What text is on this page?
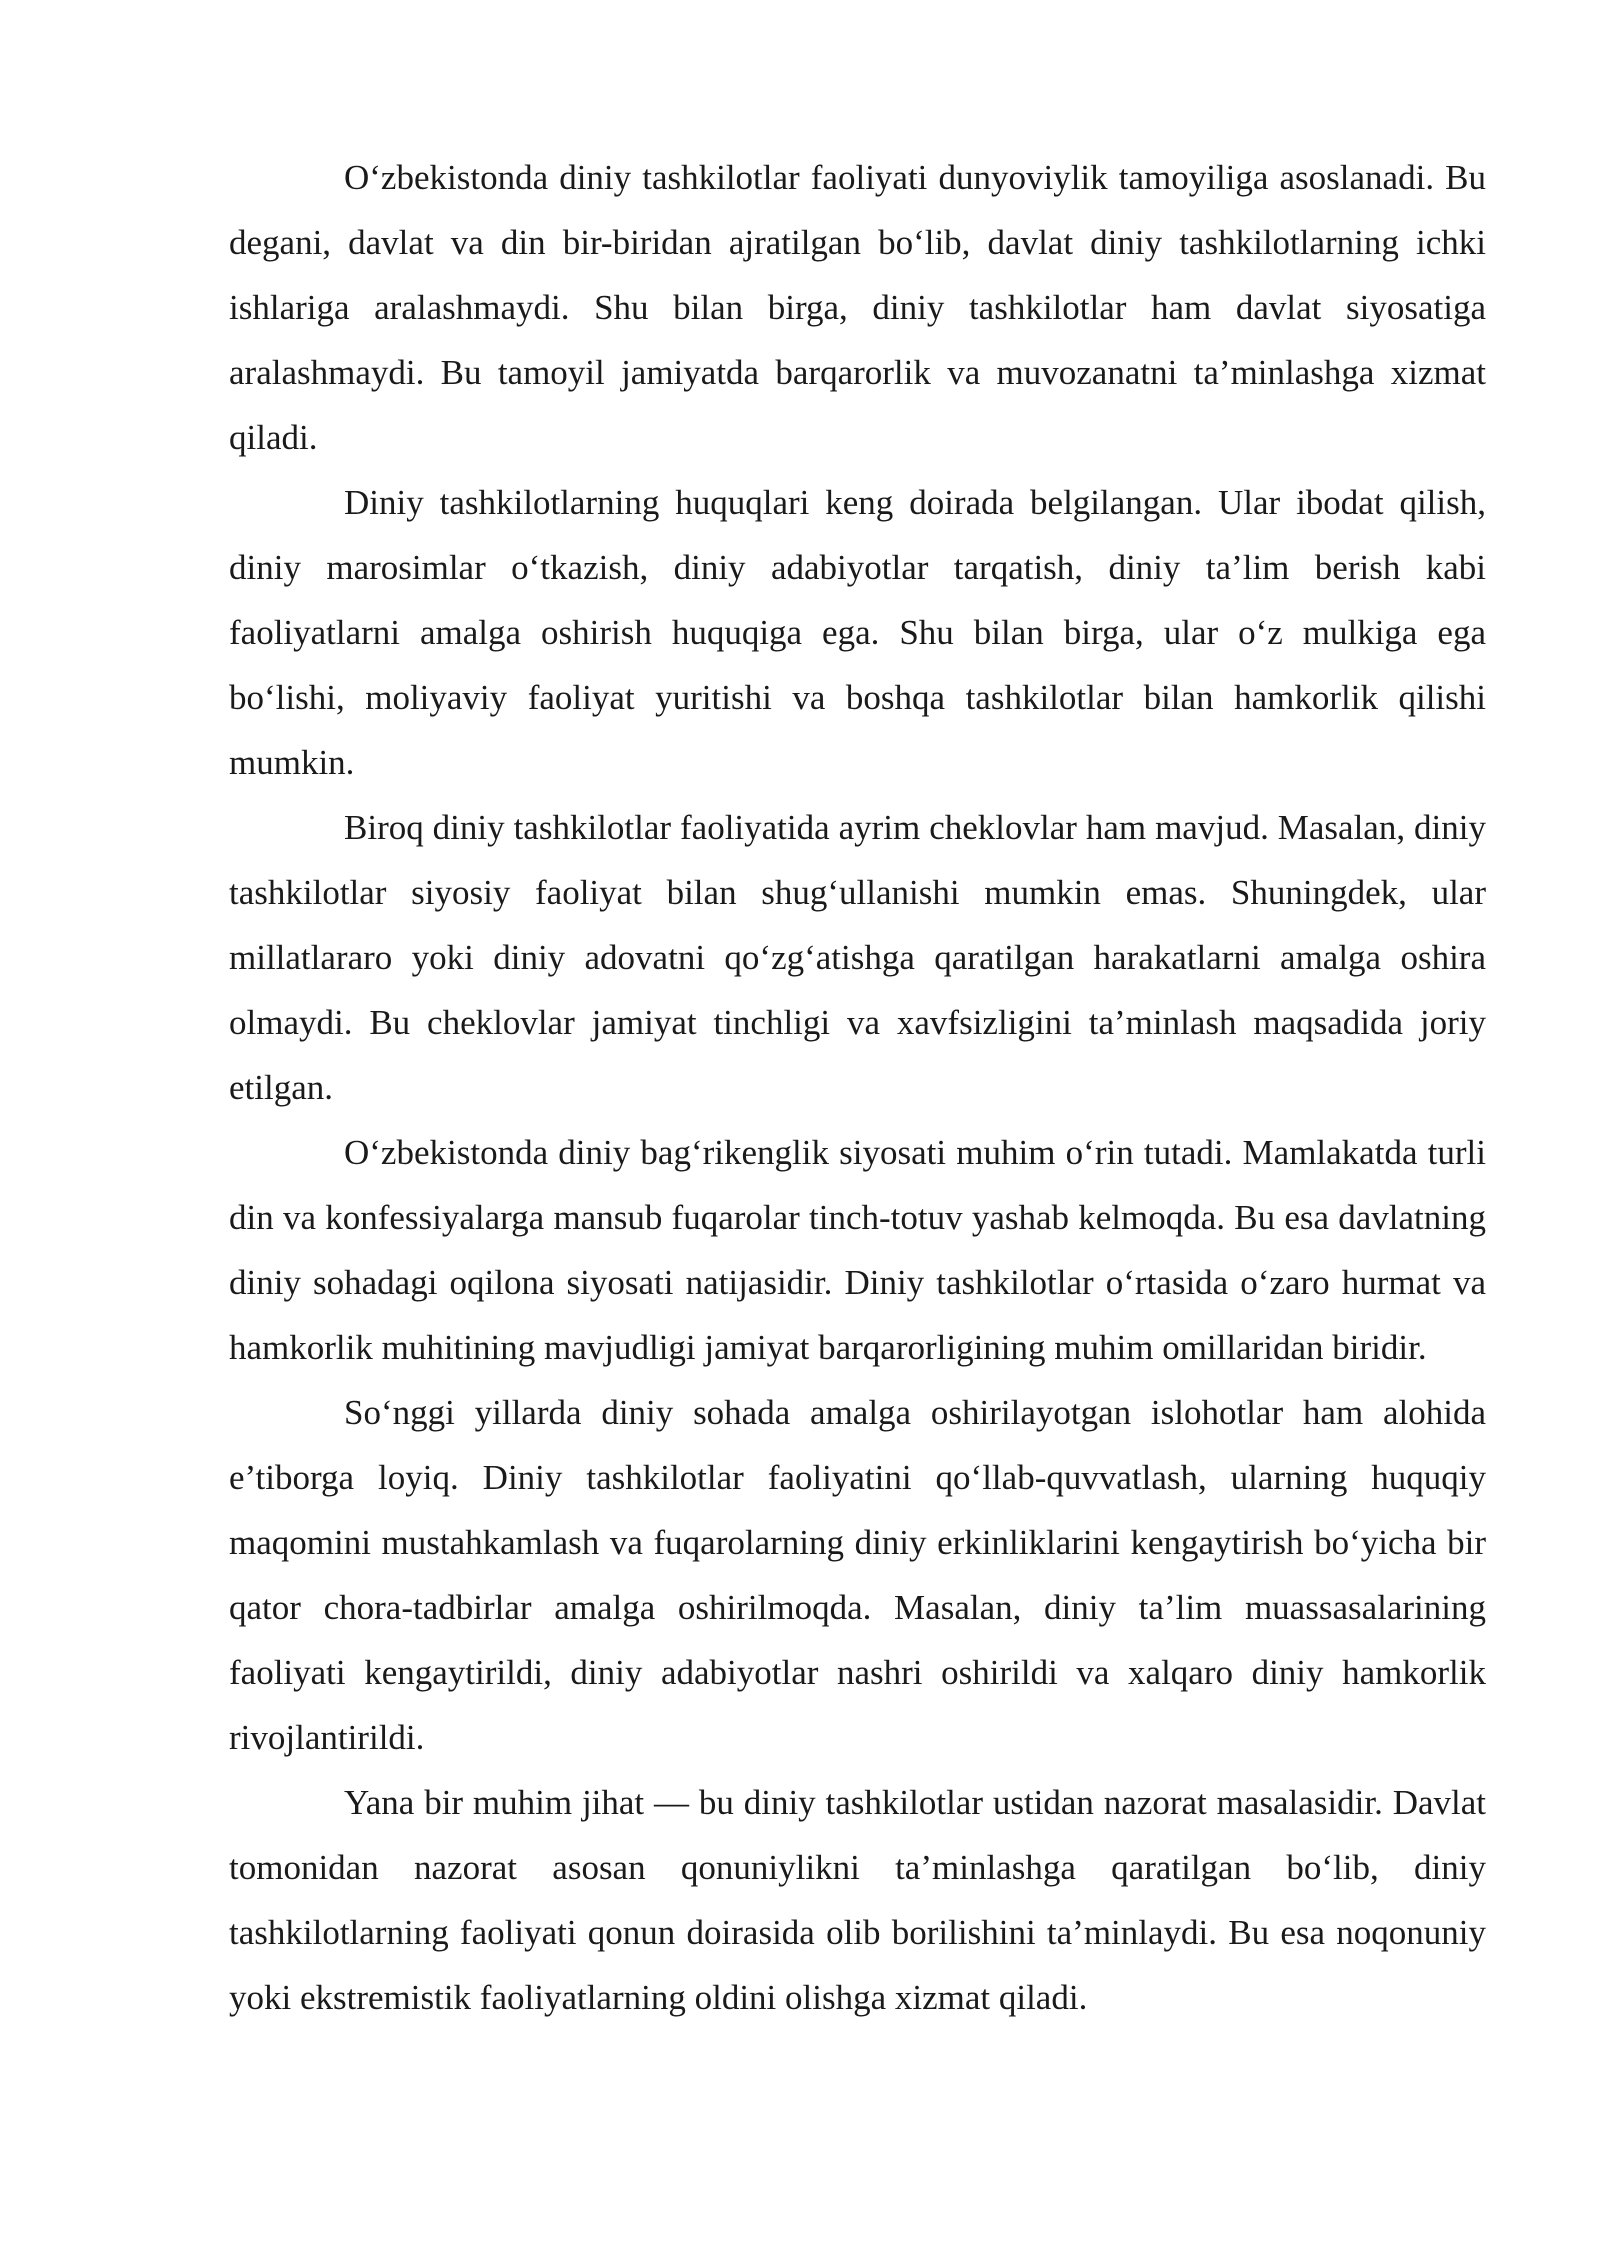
O‘zbekistonda diniy tashkilotlar faoliyati dunyoviylik tamoyiliga asoslanadi. Bu degani, davlat va din bir-biridan ajratilgan bo‘lib, davlat diniy tashkilotlarning ichki ishlariga aralashmaydi. Shu bilan birga, diniy tashkilotlar ham davlat siyosatiga aralashmaydi. Bu tamoyil jamiyatda barqarorlik va muvozanatni ta’minlashga xizmat qiladi.

Diniy tashkilotlarning huquqlari keng doirada belgilangan. Ular ibodat qilish, diniy marosimlar o‘tkazish, diniy adabiyotlar tarqatish, diniy ta’lim berish kabi faoliyatlarni amalga oshirish huquqiga ega. Shu bilan birga, ular o‘z mulkiga ega bo‘lishi, moliyaviy faoliyat yuritishi va boshqa tashkilotlar bilan hamkorlik qilishi mumkin.

Biroq diniy tashkilotlar faoliyatida ayrim cheklovlar ham mavjud. Masalan, diniy tashkilotlar siyosiy faoliyat bilan shug‘ullanishi mumkin emas. Shuningdek, ular millatlararo yoki diniy adovatni qo‘zg‘atishga qaratilgan harakatlarni amalga oshira olmaydi. Bu cheklovlar jamiyat tinchligi va xavfsizligini ta’minlash maqsadida joriy etilgan.

O‘zbekistonda diniy bag‘rikenglik siyosati muhim o‘rin tutadi. Mamlakatda turli din va konfessiyalarga mansub fuqarolar tinch-totuv yashab kelmoqda. Bu esa davlatning diniy sohadagi oqilona siyosati natijasidir. Diniy tashkilotlar o‘rtasida o‘zaro hurmat va hamkorlik muhitining mavjudligi jamiyat barqarorligining muhim omillaridan biridir.

So‘nggi yillarda diniy sohada amalga oshirilayotgan islohotlar ham alohida e’tiborga loyiq. Diniy tashkilotlar faoliyatini qo‘llab-quvvatlash, ularning huquqiy maqomini mustahkamlash va fuqarolarning diniy erkinliklarini kengaytirish bo‘yicha bir qator chora-tadbirlar amalga oshirilmoqda. Masalan, diniy ta’lim muassasalarining faoliyati kengaytirildi, diniy adabiyotlar nashri oshirildi va xalqaro diniy hamkorlik rivojlantirildi.

Yana bir muhim jihat — bu diniy tashkilotlar ustidan nazorat masalasidir. Davlat tomonidan nazorat asosan qonuniylikni ta’minlashga qaratilgan bo‘lib, diniy tashkilotlarning faoliyati qonun doirasida olib borilishini ta’minlaydi. Bu esa noqonuniy yoki ekstremistik faoliyatlarning oldini olishga xizmat qiladi.
